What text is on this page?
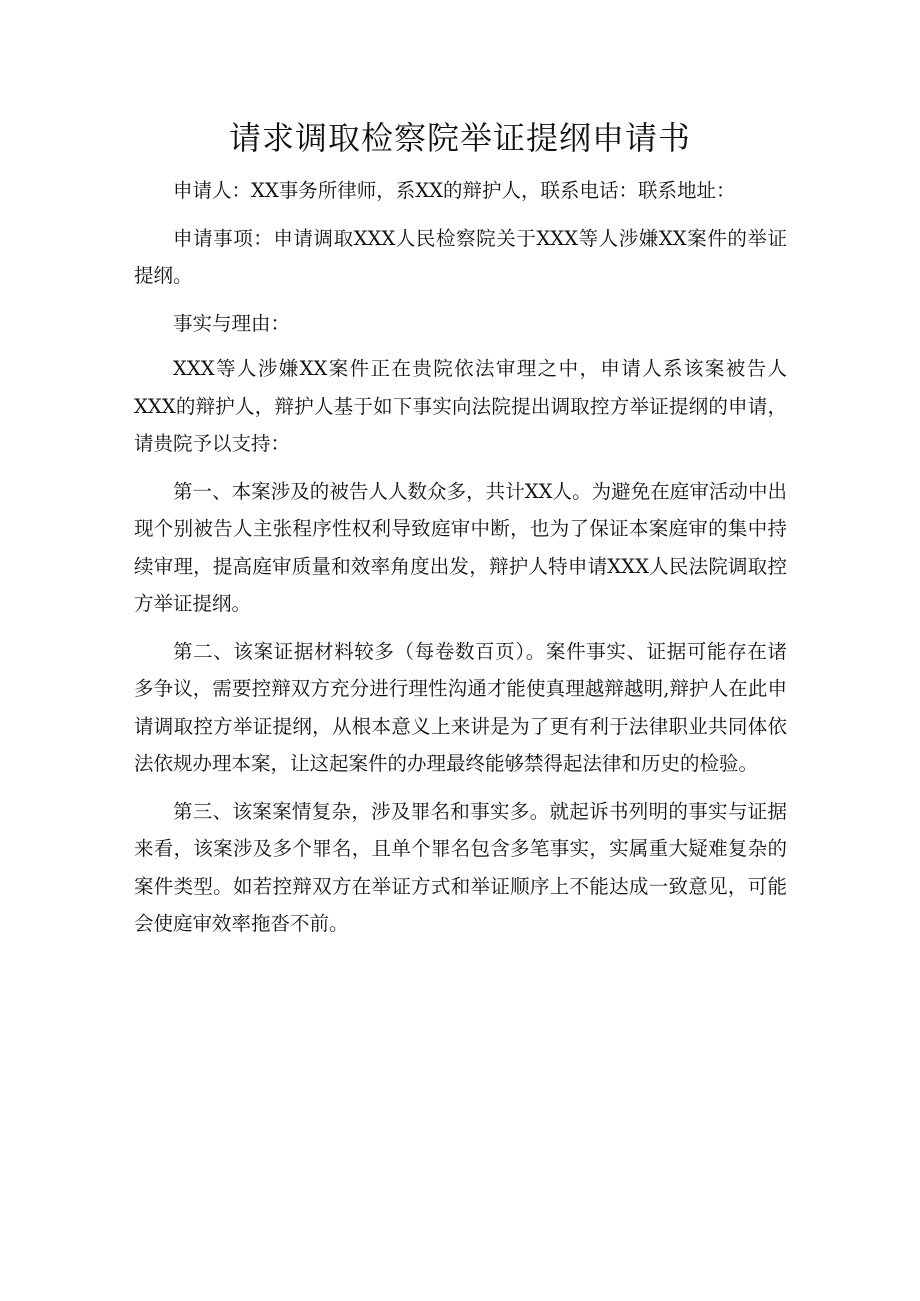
请求调取检察院举证提纲申请书

申请人：XX事务所律师，系XX的辩护人，联系电话：联系地址：

申请事项：申请调取XXX人民检察院关于XXX等人涉嫌XX案件的举证提纲。

事实与理由：

XXX等人涉嫌XX案件正在贵院依法审理之中，申请人系该案被告人XXX的辩护人，辩护人基于如下事实向法院提出调取控方举证提纲的申请，请贵院予以支持：

第一、本案涉及的被告人人数众多，共计XX人。为避免在庭审活动中出现个别被告人主张程序性权利导致庭审中断，也为了保证本案庭审的集中持续审理，提高庭审质量和效率角度出发，辩护人特申请XXX人民法院调取控方举证提纲。

第二、该案证据材料较多（每卷数百页）。案件事实、证据可能存在诸多争议，需要控辩双方充分进行理性沟通才能使真理越辩越明,辩护人在此申请调取控方举证提纲，从根本意义上来讲是为了更有利于法律职业共同体依法依规办理本案，让这起案件的办理最终能够禁得起法律和历史的检验。

第三、该案案情复杂，涉及罪名和事实多。就起诉书列明的事实与证据来看，该案涉及多个罪名，且单个罪名包含多笔事实，实属重大疑难复杂的案件类型。如若控辩双方在举证方式和举证顺序上不能达成一致意见，可能会使庭审效率拖沓不前。
